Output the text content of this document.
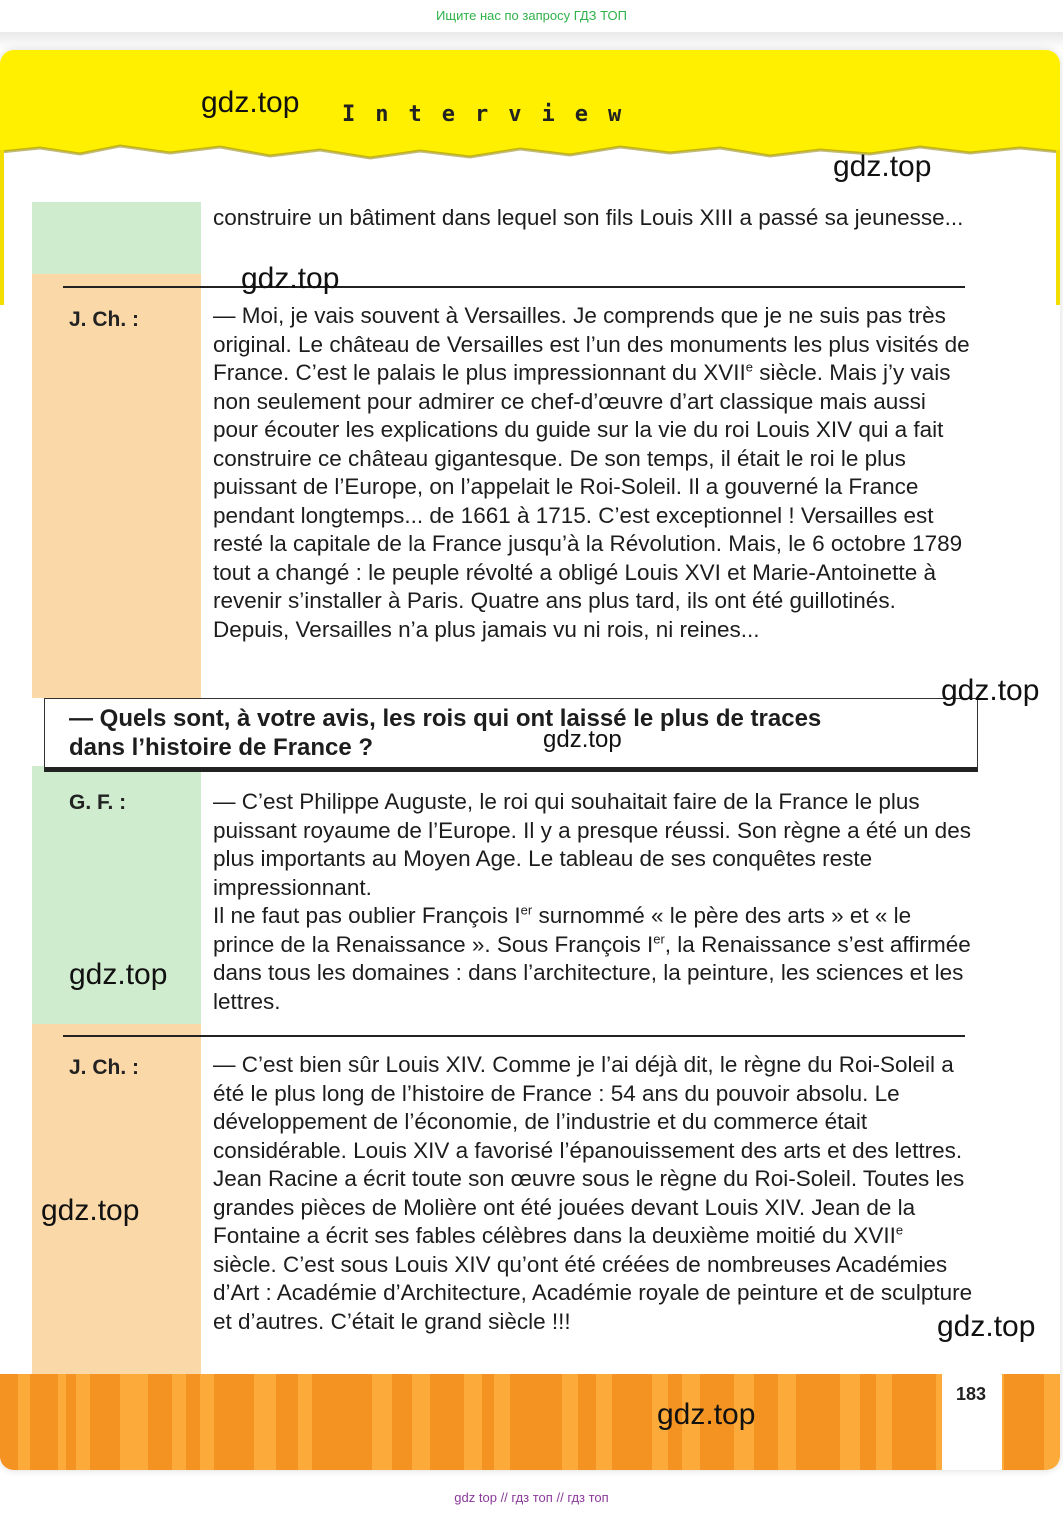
Ищите нас по запросу ГДЗ ТОП
Interview
construire un bâtiment dans lequel son fils Louis XIII a passé sa jeunesse...
J. Ch. :	— Moi, je vais souvent à Versailles. Je comprends que je ne suis pas très original. Le château de Versailles est l’un des monuments les plus visités de France. C’est le palais le plus impressionnant du XVIIe siècle. Mais j’y vais non seulement pour admirer ce chef-d’œuvre d’art classique mais aussi pour écouter les explications du guide sur la vie du roi Louis XIV qui a fait construire ce château gigantesque. De son temps, il était le roi le plus puissant de l’Europe, on l’appelait le Roi-Soleil. Il a gouverné la France pendant longtemps... de 1661 à 1715. C’est exceptionnel ! Versailles est resté la capitale de la France jusqu’à la Révolution. Mais, le 6 octobre 1789 tout a changé : le peuple révolté a obligé Louis XVI et Marie-Antoinette à revenir s’installer à Paris. Quatre ans plus tard, ils ont été guillotinés. Depuis, Versailles n’a plus jamais vu ni rois, ni reines...
— Quels sont, à votre avis, les rois qui ont laissé le plus de traces dans l’histoire de France ?
G. F. :	— C’est Philippe Auguste, le roi qui souhaitait faire de la France le plus puissant royaume de l’Europe. Il y a presque réussi. Son règne a été un des plus importants au Moyen Age. Le tableau de ses conquêtes reste impressionnant.
Il ne faut pas oublier François Ier surnommé « le père des arts » et « le prince de la Renaissance ». Sous François Ier, la Renaissance s’est affirmée dans tous les domaines : dans l’architecture, la peinture, les sciences et les lettres.
J. Ch. :	— C’est bien sûr Louis XIV. Comme je l’ai déjà dit, le règne du Roi-Soleil a été le plus long de l’histoire de France : 54 ans du pouvoir absolu. Le développement de l’économie, de l’industrie et du commerce était considérable. Louis XIV a favorisé l’épanouissement des arts et des lettres. Jean Racine a écrit toute son œuvre sous le règne du Roi-Soleil. Toutes les grandes pièces de Molière ont été jouées devant Louis XIV. Jean de la Fontaine a écrit ses fables célèbres dans la deuxième moitié du XVIIe siècle. C’est sous Louis XIV qu’ont été créées de nombreuses Académies d’Art : Académie d’Architecture, Académie royale de peinture et de sculpture et d’autres. C’était le grand siècle !!!
183
gdz.top
gdz.top
gdz.top
gdz.top
gdz.top
gdz.top
gdz.top
gdz.top
gdz.top
gdz top // гдз топ // гдз топ
